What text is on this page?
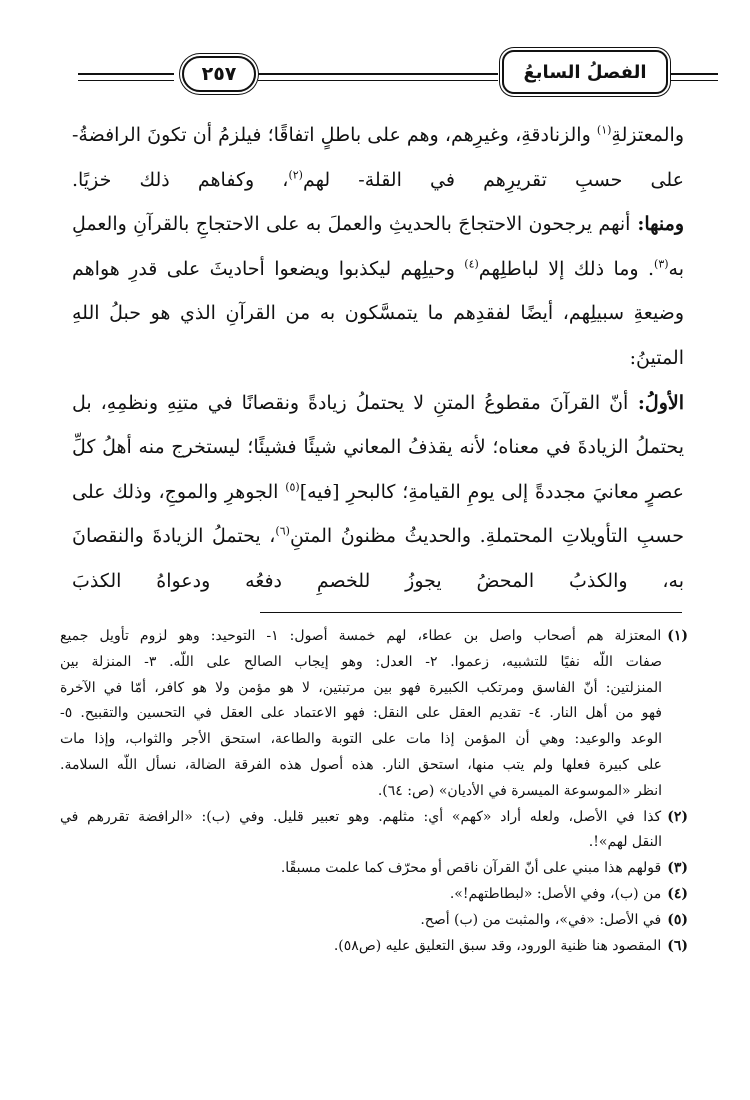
الفصلُ السابعُ
٢٥٧

والمعتزلةِ$^{(١)}$ والزنادقةِ، وغيرِهم، وهم على باطلٍ اتفاقًا؛ فيلزمُ أن تكونَ الرافضةُ- على حسبِ تقريرِهم في القلة- لهم$^{(٢)}$، وكفاهم ذلك خزيًا.

ومنها: أنهم يرجحون الاحتجاجَ بالحديثِ والعملَ به على الاحتجاجِ بالقرآنِ والعملِ به$^{(٣)}$. وما ذلك إلا لباطلِهم$^{(٤)}$ وحيلِهم ليكذبوا ويضعوا أحاديثَ على قدرِ هواهم وضيعةِ سبيلِهم، أيضًا لفقدِهم ما يتمسَّكون به من القرآنِ الذي هو حبلُ اللهِ المتينُ:

الأولُ: أنّ القرآنَ مقطوعُ المتنِ لا يحتملُ زيادةً ونقصانًا في متنِهِ ونظمِهِ، بل يحتملُ الزيادةَ في معناه؛ لأنه يقذفُ المعاني شيئًا فشيئًا؛ ليستخرج منه أهلُ كلِّ عصرٍ معانيَ مجددةً إلى يومِ القيامةِ؛ كالبحرِ [فيه]$^{(٥)}$ الجوهرِ والموجِ، وذلك على حسبِ التأويلاتِ المحتملةِ. والحديثُ مظنونُ المتنِ$^{(٦)}$، يحتملُ الزيادةَ والنقصانَ به، والكذبُ المحضُ يجوزُ للخصمِ دفعُه ودعواهُ الكذبَ

(١)المعتزلة هم أصحاب واصل بن عطاء، لهم خمسة أصول: ١- التوحيد: وهو لزوم تأويل جميع
صفات اللّه نفيًا للتشبيه، زعموا. ٢- العدل: وهو إيجاب الصالح على اللّه. ٣- المنزلة بين
المنزلتين: أنّ الفاسق ومرتكب الكبيرة فهو بين مرتبتين، لا هو مؤمن ولا هو كافر، أمّا في الآخرة
فهو من أهل النار. ٤- تقديم العقل على النقل: فهو الاعتماد على العقل في التحسين والتقبيح. ٥-
الوعد والوعيد: وهي أن المؤمن إذا مات على التوبة والطاعة، استحق الأجر والثواب، وإذا مات
على كبيرة فعلها ولم يتب منها، استحق النار. هذه أصول هذه الفرقة الضالة، نسأل اللّه السلامة.
انظر «الموسوعة الميسرة في الأديان» (ص: ٦٤).
(٢)كذا في الأصل، ولعله أراد «كهم» أي: مثلهم. وهو تعبير قليل. وفي (ب): «الرافضة تقررهم في
النقل لهم»!.
(٣)قولهم هذا مبني على أنّ القرآن ناقص أو محرّف كما علمت مسبقًا.
(٤)من (ب)، وفي الأصل: «لبطاطتهم!».
(٥)في الأصل: «في»، والمثبت من (ب) أصح.
(٦)المقصود هنا ظنية الورود، وقد سبق التعليق عليه (ص٥٨).
